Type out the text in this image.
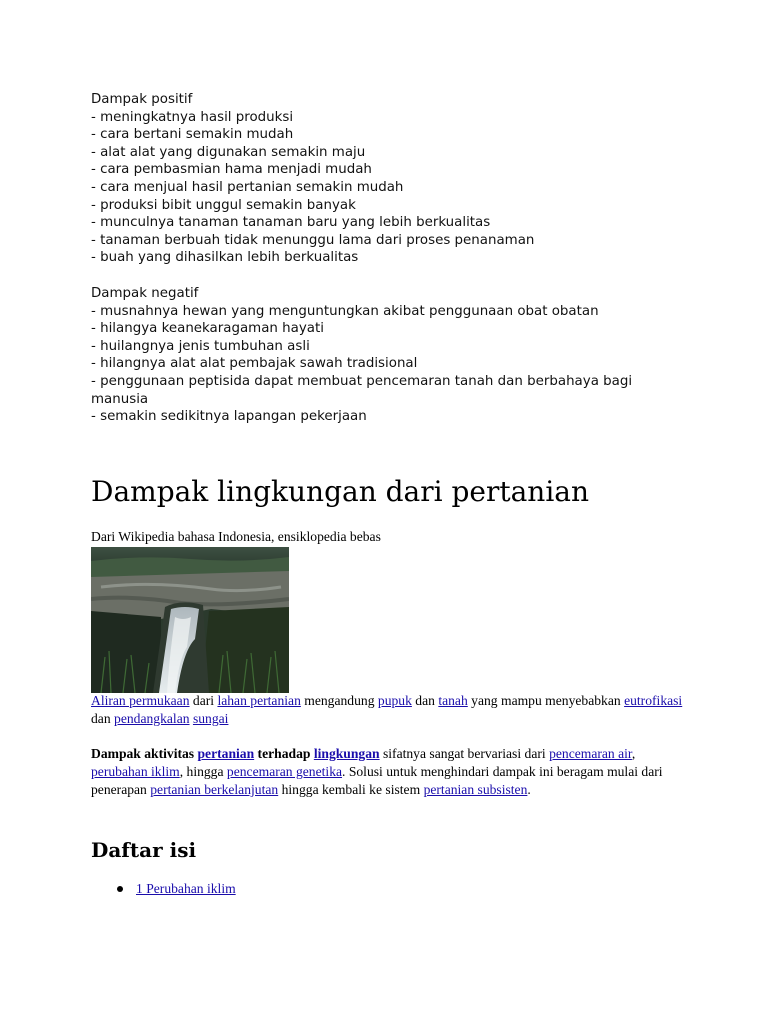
Dampak positif
- meningkatnya hasil produksi
- cara bertani semakin mudah
- alat alat yang digunakan semakin maju
- cara pembasmian hama menjadi mudah
- cara menjual hasil pertanian semakin mudah
- produksi bibit unggul semakin banyak
- munculnya tanaman tanaman baru yang lebih berkualitas
- tanaman berbuah tidak menunggu lama dari proses penanaman
- buah yang dihasilkan lebih berkualitas
Dampak negatif
- musnahnya hewan yang menguntungkan akibat penggunaan obat obatan
- hilangya keanekaragaman hayati
- huilangnya jenis tumbuhan asli
- hilangnya alat alat pembajak sawah tradisional
- penggunaan peptisida dapat membuat pencemaran tanah dan berbahaya bagi manusia
- semakin sedikitnya lapangan pekerjaan
Dampak lingkungan dari pertanian
Dari Wikipedia bahasa Indonesia, ensiklopedia bebas
Aliran permukaan dari lahan pertanian mengandung pupuk dan tanah yang mampu menyebabkan eutrofikasi dan pendangkalan sungai
Dampak aktivitas pertanian terhadap lingkungan sifatnya sangat bervariasi dari pencemaran air, perubahan iklim, hingga pencemaran genetika. Solusi untuk menghindari dampak ini beragam mulai dari penerapan pertanian berkelanjutan hingga kembali ke sistem pertanian subsisten.
Daftar isi
1 Perubahan iklim
